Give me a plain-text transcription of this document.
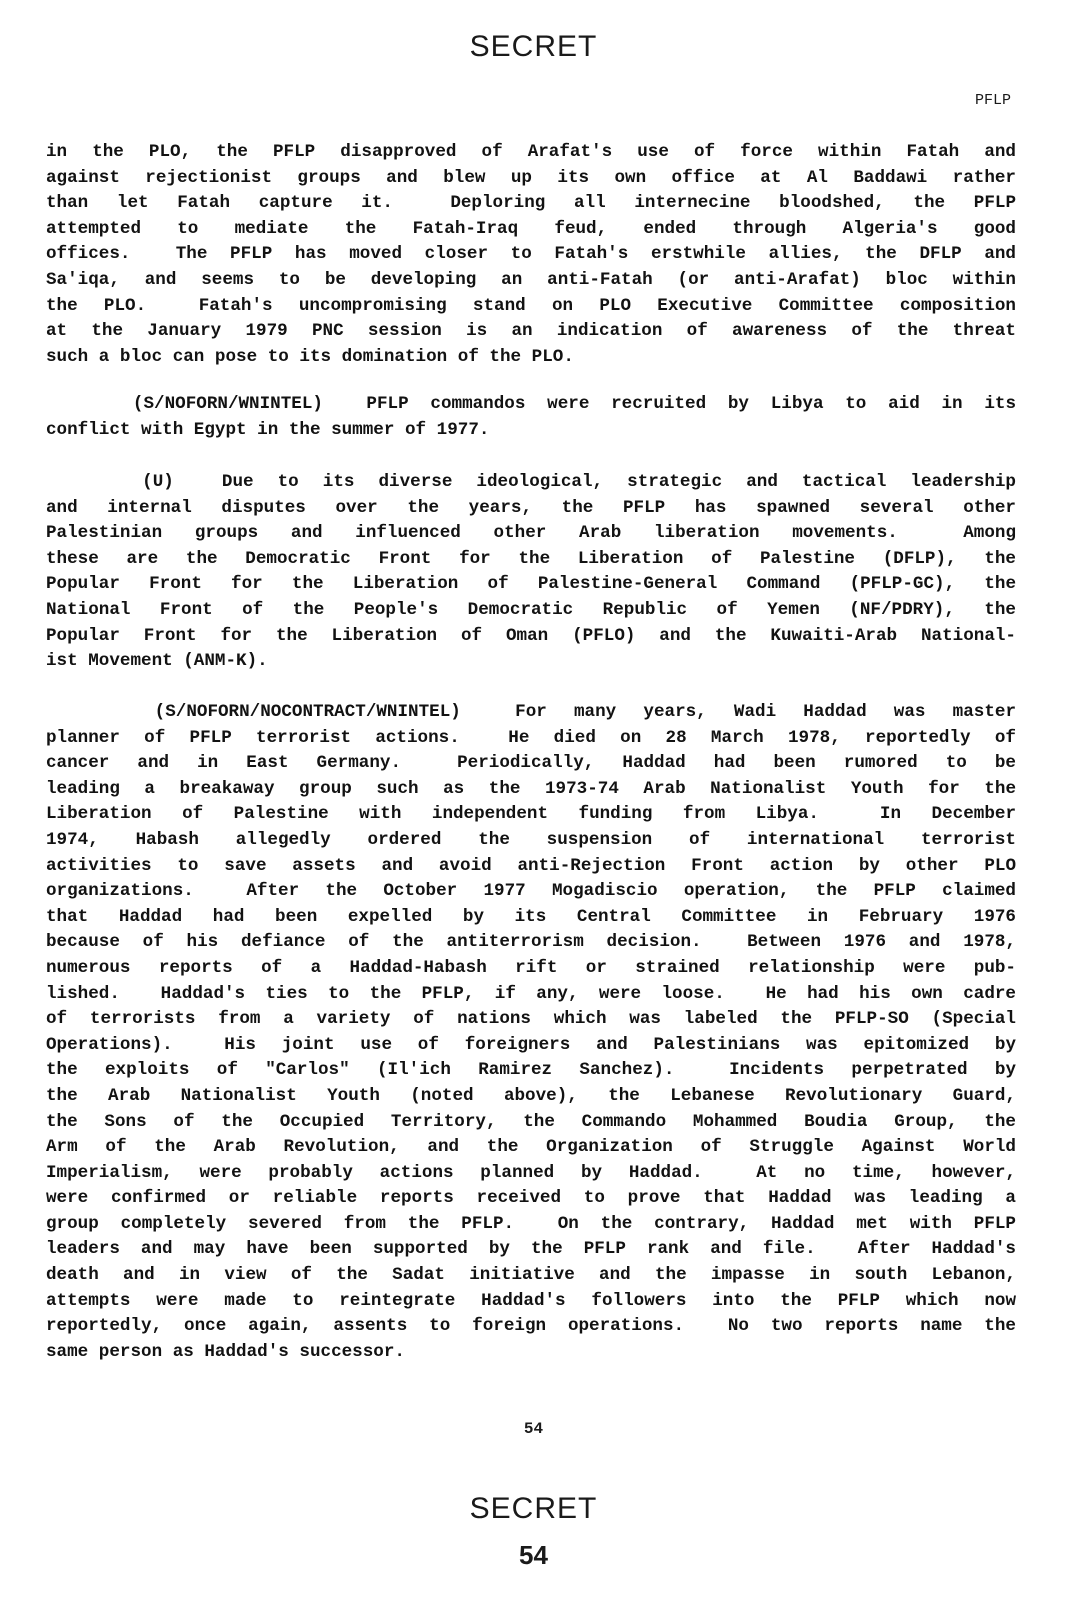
SECRET
PFLP
in the PLO, the PFLP disapproved of Arafat's use of force within Fatah and
against rejectionist groups and blew up its own office at Al Baddawi rather
than let Fatah capture it.  Deploring all internecine bloodshed, the PFLP
attempted to mediate the Fatah-Iraq feud, ended through Algeria's good
offices.  The PFLP has moved closer to Fatah's erstwhile allies, the DFLP and
Sa'iqa, and seems to be developing an anti-Fatah (or anti-Arafat) bloc within
the PLO.  Fatah's uncompromising stand on PLO Executive Committee composition
at the January 1979 PNC session is an indication of awareness of the threat
such a bloc can pose to its domination of the PLO.
(S/NOFORN/WNINTEL)  PFLP commandos were recruited by Libya to aid in its
conflict with Egypt in the summer of 1977.
(U)  Due to its diverse ideological, strategic and tactical leadership
and internal disputes over the years, the PFLP has spawned several other
Palestinian groups and influenced other Arab liberation movements.  Among
these are the Democratic Front for the Liberation of Palestine (DFLP), the
Popular Front for the Liberation of Palestine-General Command (PFLP-GC), the
National Front of the People's Democratic Republic of Yemen (NF/PDRY), the
Popular Front for the Liberation of Oman (PFLO) and the Kuwaiti-Arab National-
ist Movement (ANM-K).
(S/NOFORN/NOCONTRACT/WNINTEL)  For many years, Wadi Haddad was master
planner of PFLP terrorist actions.  He died on 28 March 1978, reportedly of
cancer and in East Germany.  Periodically, Haddad had been rumored to be
leading a breakaway group such as the 1973-74 Arab Nationalist Youth for the
Liberation of Palestine with independent funding from Libya.  In December
1974, Habash allegedly ordered the suspension of international terrorist
activities to save assets and avoid anti-Rejection Front action by other PLO
organizations.  After the October 1977 Mogadiscio operation, the PFLP claimed
that Haddad had been expelled by its Central Committee in February 1976
because of his defiance of the antiterrorism decision.  Between 1976 and 1978,
numerous reports of a Haddad-Habash rift or strained relationship were pub-
lished.  Haddad's ties to the PFLP, if any, were loose.  He had his own cadre
of terrorists from a variety of nations which was labeled the PFLP-SO (Special
Operations).  His joint use of foreigners and Palestinians was epitomized by
the exploits of "Carlos" (Il'ich Ramirez Sanchez).  Incidents perpetrated by
the Arab Nationalist Youth (noted above), the Lebanese Revolutionary Guard,
the Sons of the Occupied Territory, the Commando Mohammed Boudia Group, the
Arm of the Arab Revolution, and the Organization of Struggle Against World
Imperialism, were probably actions planned by Haddad.  At no time, however,
were confirmed or reliable reports received to prove that Haddad was leading a
group completely severed from the PFLP.  On the contrary, Haddad met with PFLP
leaders and may have been supported by the PFLP rank and file.  After Haddad's
death and in view of the Sadat initiative and the impasse in south Lebanon,
attempts were made to reintegrate Haddad's followers into the PFLP which now
reportedly, once again, assents to foreign operations.  No two reports name the
same person as Haddad's successor.
54
SECRET
54
